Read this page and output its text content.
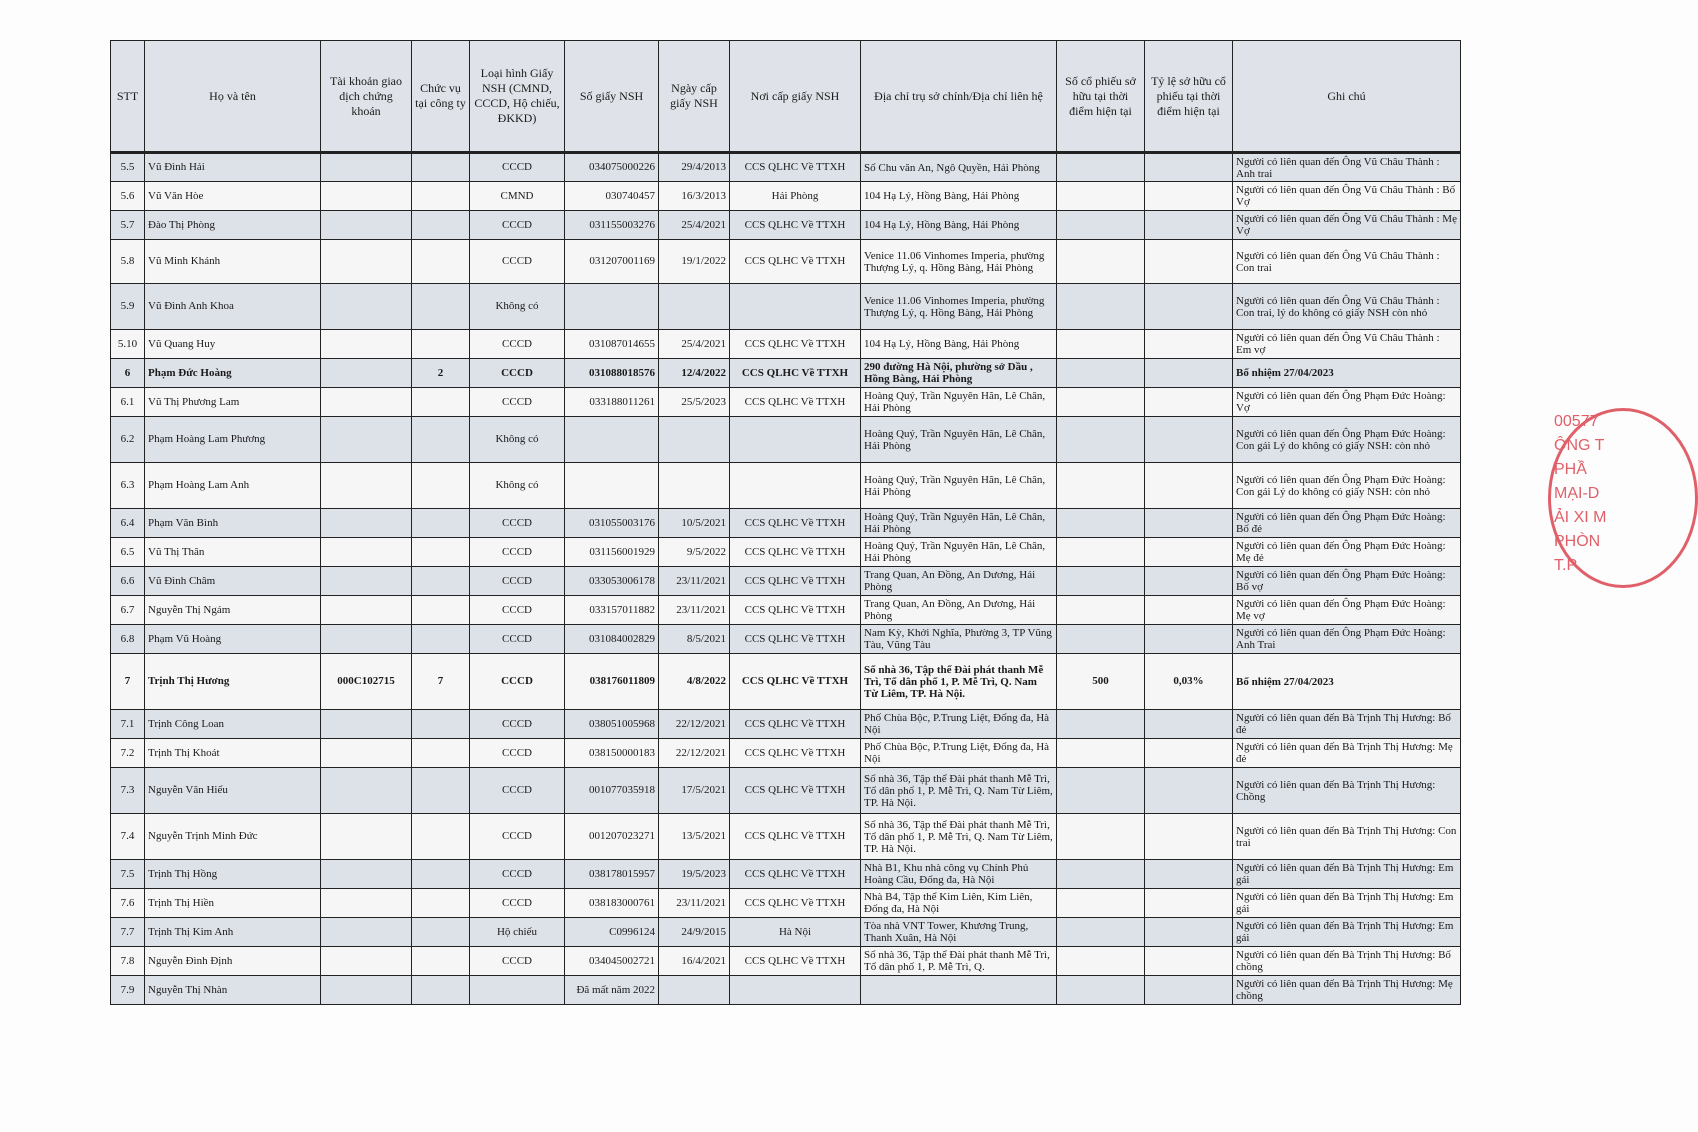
STT	Họ và tên	Tài khoản giao dịch chứng khoán	Chức vụ tại công ty	Loại hình Giấy NSH (CMND, CCCD, Hộ chiếu, ĐKKD)	Số giấy NSH	Ngày cấp giấy NSH	Nơi cấp giấy NSH	Địa chỉ trụ sở chính/Địa chỉ liên hệ	Số cổ phiếu sở hữu tại thời điểm hiện tại	Tỷ lệ sở hữu cổ phiếu tại thời điểm hiện tại	Ghi chú
5.5	Vũ Đình Hải			CCCD	034075000226	29/4/2013	CCS QLHC Về TTXH	Số Chu văn An, Ngô Quyền, Hải Phòng			Người có liên quan đến Ông Vũ Châu Thành : Anh trai
5.6	Vũ Văn Hòe			CMND	030740457	16/3/2013	Hải Phòng	104 Hạ Lý, Hồng Bàng, Hải Phòng			Người có liên quan đến Ông Vũ Châu Thành : Bố Vợ
5.7	Đào Thị Phòng			CCCD	031155003276	25/4/2021	CCS QLHC Về TTXH	104 Hạ Lý, Hồng Bàng, Hải Phòng			Người có liên quan đến Ông Vũ Châu Thành : Mẹ Vợ
5.8	Vũ Minh Khánh			CCCD	031207001169	19/1/2022	CCS QLHC Về TTXH	Venice 11.06 Vinhomes Imperia, phường Thượng Lý, q. Hồng Bàng, Hải Phòng			Người có liên quan đến Ông Vũ Châu Thành : Con trai
5.9	Vũ Đình Anh Khoa			Không có				Venice 11.06 Vinhomes Imperia, phường Thượng Lý, q. Hồng Bàng, Hải Phòng			Người có liên quan đến Ông Vũ Châu Thành : Con trai, lý do không có giấy NSH còn nhỏ
5.10	Vũ Quang Huy			CCCD	031087014655	25/4/2021	CCS QLHC Về TTXH	104 Hạ Lý, Hồng Bàng, Hải Phòng			Người có liên quan đến Ông Vũ Châu Thành : Em vợ
6	Phạm Đức Hoàng		2	CCCD	031088018576	12/4/2022	CCS QLHC Về TTXH	290 đường Hà Nội, phường sở Dầu , Hồng Bàng, Hải Phòng			Bổ nhiệm 27/04/2023
6.1	Vũ Thị Phương Lam			CCCD	033188011261	25/5/2023	CCS QLHC Về TTXH	Hoàng Quý, Trần Nguyên Hãn, Lê Chân, Hải Phòng			Người có liên quan đến Ông Phạm Đức Hoàng: Vợ
6.2	Phạm Hoàng Lam Phương			Không có				Hoàng Quý, Trần Nguyên Hãn, Lê Chân, Hải Phòng			Người có liên quan đến Ông Phạm Đức Hoàng: Con gái Lý do không có giấy NSH: còn nhỏ
6.3	Phạm Hoàng Lam Anh			Không có				Hoàng Quý, Trần Nguyên Hãn, Lê Chân, Hải Phòng			Người có liên quan đến Ông Phạm Đức Hoàng: Con gái Lý do không có giấy NSH: còn nhỏ
6.4	Phạm Văn Bình			CCCD	031055003176	10/5/2021	CCS QLHC Về TTXH	Hoàng Quý, Trần Nguyên Hãn, Lê Chân, Hải Phòng			Người có liên quan đến Ông Phạm Đức Hoàng: Bố đẻ
6.5	Vũ Thị Thân			CCCD	031156001929	9/5/2022	CCS QLHC Về TTXH	Hoàng Quý, Trần Nguyên Hãn, Lê Chân, Hải Phòng			Người có liên quan đến Ông Phạm Đức Hoàng: Mẹ đẻ
6.6	Vũ Đình Châm			CCCD	033053006178	23/11/2021	CCS QLHC Về TTXH	Trang Quan, An Đồng, An Dương, Hải Phòng			Người có liên quan đến Ông Phạm Đức Hoàng: Bố vợ
6.7	Nguyễn Thị Ngám			CCCD	033157011882	23/11/2021	CCS QLHC Về TTXH	Trang Quan, An Đồng, An Dương, Hải Phòng			Người có liên quan đến Ông Phạm Đức Hoàng: Mẹ vợ
6.8	Phạm Vũ Hoàng			CCCD	031084002829	8/5/2021	CCS QLHC Về TTXH	Nam Kỳ, Khởi Nghĩa, Phường 3, TP Vũng Tàu, Vũng Tàu			Người có liên quan đến Ông Phạm Đức Hoàng: Anh Trai
7	Trịnh Thị Hương	000C102715	7	CCCD	038176011809	4/8/2022	CCS QLHC Về TTXH	Số nhà 36, Tập thể Đài phát thanh Mễ Trì, Tổ dân phố 1, P. Mễ Trì, Q. Nam Từ Liêm, TP. Hà Nội.	500	0,03%	Bổ nhiệm 27/04/2023
7.1	Trịnh Công Loan			CCCD	038051005968	22/12/2021	CCS QLHC Về TTXH	Phố Chùa Bộc, P.Trung Liệt, Đống đa, Hà Nội			Người có liên quan đến Bà Trịnh Thị Hương: Bố đẻ
7.2	Trịnh Thị Khoát			CCCD	038150000183	22/12/2021	CCS QLHC Về TTXH	Phố Chùa Bộc, P.Trung Liệt, Đống đa, Hà Nội			Người có liên quan đến Bà Trịnh Thị Hương: Mẹ đẻ
7.3	Nguyễn Văn Hiếu			CCCD	001077035918	17/5/2021	CCS QLHC Về TTXH	Số nhà 36, Tập thể Đài phát thanh Mễ Trì, Tổ dân phố 1, P. Mễ Trì, Q. Nam Từ Liêm, TP. Hà Nội.			Người có liên quan đến Bà Trịnh Thị Hương: Chồng
7.4	Nguyễn Trịnh Minh Đức			CCCD	001207023271	13/5/2021	CCS QLHC Về TTXH	Số nhà 36, Tập thể Đài phát thanh Mễ Trì, Tổ dân phố 1, P. Mễ Trì, Q. Nam Từ Liêm, TP. Hà Nội.			Người có liên quan đến Bà Trịnh Thị Hương: Con trai
7.5	Trịnh Thị Hồng			CCCD	038178015957	19/5/2023	CCS QLHC Về TTXH	Nhà B1, Khu nhà công vụ Chính Phủ Hoàng Cầu, Đống đa, Hà Nội			Người có liên quan đến Bà Trịnh Thị Hương: Em gái
7.6	Trịnh Thị Hiền			CCCD	038183000761	23/11/2021	CCS QLHC Về TTXH	Nhà B4, Tập thể Kim Liên, Kim Liên, Đống đa, Hà Nội			Người có liên quan đến Bà Trịnh Thị Hương: Em gái
7.7	Trịnh Thị Kim Anh			Hộ chiếu	C0996124	24/9/2015	Hà Nội	Tòa nhà VNT Tower, Khương Trung, Thanh Xuân, Hà Nội			Người có liên quan đến Bà Trịnh Thị Hương: Em gái
7.8	Nguyễn Đình Định			CCCD	034045002721	16/4/2021	CCS QLHC Về TTXH	Số nhà 36, Tập thể Đài phát thanh Mễ Trì, Tổ dân phố 1, P. Mễ Trì, Q.			Người có liên quan đến Bà Trịnh Thị Hương: Bố chồng
7.9	Nguyễn Thị Nhàn				Đã mất năm 2022						Người có liên quan đến Bà Trịnh Thị Hương: Mẹ chồng
00577
ÔNG T
PHẦ
MẠI-D
ẢI XI M
PHÒN
T.P
